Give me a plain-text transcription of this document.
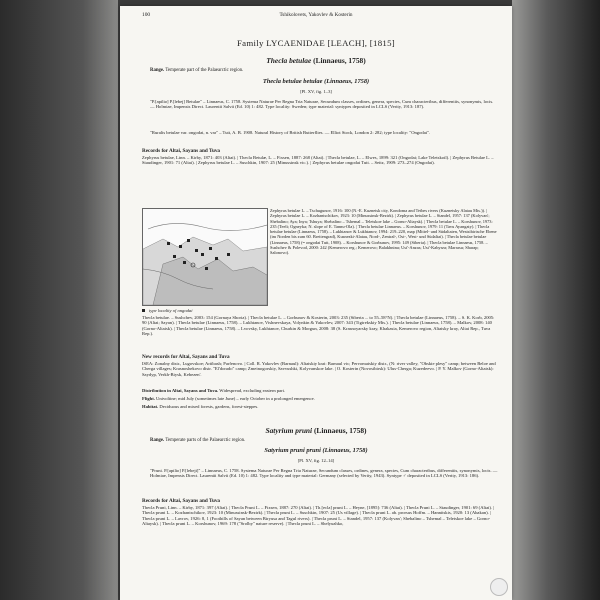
100	Tshikolovets, Yakovlev & Kosterin
Family LYCAENIDAE [LEACH], [1815]
Thecla betulae (Linnaeus, 1758)
Range. Temperate part of the Palaearctic region.
Thecla betulae betulae (Linnaeus, 1758)
[Pl. XV, fig. 1–3]
"P.[apilio] P.[lebej] Betulae" – Linnaeus, C. 1758. Systema Naturae Per Regna Tria Naturae, Secundum classes, ordines, genera, species, Cum characteribus, differentiis, synonymis, locis. — Holmiae, Impensis Direct. Laurentii Salvii (Ed. 10) 1: 482. Type locality: Sweden; type material: syntypes deposited in LCLS (Verity, 1913: 187).
"Ruralis betulae var. ongodai, n. var" – Tutt, A. B. 1908. Natural History of British Butterflies. — Elliot Stock, London 2: 282; type locality: "Ongodai".
Records for Altai, Sayans and Tuva
Zephyrus betulae, Linn. – Kirby, 1871: 403 (Altai). | Thecla Betulæ, L. – Fixsen, 1887: 268 (Altai). | Thecla betulae, L. – Elwes, 1899: 321 (Ongodai; Lake Teletskoil). | Zephyrus Betulae L. – Staudinger, 1901: 71 (Altai). | Zephyrus betulae L. – Suschkin, 1907: 25 (Minussinsk vic.). | Zephyrus betulae ongodai Tutt. – Seitz, 1909: 273–274 (Ongodai).
type locality of ongodai
Zephyrus betulae L. – Tschugunov, 1916: 100 (N.-E. Kuznetsk city, Kondoma and Tetbes rivers (Kuznetsky Alatau Mts.)). | Zephyrus betulae L. – Kozhantschikov, 1923: 10 (Minussinsk-Bezirk). | Zephyrus betulae L. – Standel, 1957: 137 (Kolyvan'; Shebalino; Aya; Inya; Tshuya; Shebalino – Tshemal – Teletskoe lake – Gorno-Altaysk). | Thecla betulae L. – Korshunov, 1973: 235 (Teeli; Ogneyka; N. slope of E. Tannu-Ola). | Thecla betulae Linnaeus. – Korshunov, 1979: 11 (Tavu Ayangaty). | Thecla betulae betulae (Linnaeus, 1758). – Lukhtanov & Lukhtanov, 1994: 219–220, map (Mittel- und Südaltaien, Westsibirische Ebene (im Norden bis zum 60. Breitengrad), Kusnezki-Alatau, Nord-, Zentral-, Ost-, West- und Südaltai). | Thecla betulae betulae (Linnaeus, 1758) (= ongodai Tutt, 1908). – Korshunov & Gorbunov, 1995: 149 (Siberia). | Thecla betulae Linnaeus, 1758. – Sushchev & Polevod, 2000: 242 (Kemerovo reg.; Kemerovo; Balakhnina; Ust'-Anzas; Ust'-Kabyrza; Marrasu; Sharap; Salonovo).
Thecla betulae. – Sushchev, 2003: 154 (Gornaya Shoria). | Thecla betulae L. – Gorbunov & Kosterin, 2003: 235 (Siberia ... to 55–58°N). | Thecla betulae (Linnaeus, 1758). – S. K. Korb, 2005: 90 (Altai; Sayan). | Thecla betulae (Linnaeus, 1758). – Lukhtanov, Vishnevskaya, Volynkin & Yakovlev, 2007: 343 (Tigirekskiy Mts.). | Thecla betulae (Linnaeus, 1758). – Malkov, 2008: 140 (Gorno-Altaisk). | Thecla betulae (Linnaeus, 1758). – Lvovsky, Lukhtanov, Churkin & Morgun, 2008: 38 (S. Krasnoyarsky kray, Khakasia, Kemerovo region, Altaisky kray, Altai Rep., Tuva Rep.).
New records for Altai, Sayans and Tuva
ISEA: Zonalny distr., Lugovskoe; Artibash; Parfenovo. | Coll. R. Yakovlev (Barnaul): Altaiskiy krai: Barnaul vic; Pervomaiskiy distr., (N: river valley, "Obskie plesy" camp; between Beloe and Cherga villages; Krasnoshekovo distr. "El'dorado" camp; Zmeinogorskiy, Savvushki, Kolyvanskoe lake. | O. Kosterin (Novosibirsk): Ulus-Cherga; Kuzedeevo. | P. Y. Malkov (Gorno-Altaisk): Saydyp, Verkh-Biysk, Kebezen'.
Distribution in Altai, Sayans and Tuva. Widespread, excluding eastern part.
Flight. Univoltine; mid July (sometimes late June) – early October in a prolonged emergence.
Habitat. Deciduous and mixed forests, gardens, forest-steppes.
Satyrium pruni (Linnaeus, 1758)
Range. Temperate parts of the Palaearctic region.
Satyrium pruni pruni (Linnaeus, 1758)
[Pl. XV, fig. 12–14]
"Pruni. P.[apilio] P.[lebeji]" – Linnaeus, C. 1758. Systema Naturae Per Regna Tria Naturae, Secundum classes, ordines, genera, species, Cum characteribus, differentiis, synonymis, locis. — Holmiae, Impensis Direct. Laurentii Salvii (Ed. 10) 1: 482. Type locality and type material: Germany (selected by Verity, 1943). Syntype ♂ deposited in LCLS (Verity, 1913: 186).
Records for Altai, Sayans and Tuva
Thecla Pruni, Linn. – Kirby, 1871: 397 (Altai). | Thecla Pruni L. – Fixsen, 1887: 270 (Altai). | Th.[ecla] pruni L. – Heyne, [1895]: 736 (Altai). | Thecla Pruni L. – Staudinger, 1901: 69 (Altai). | Thecla pruni L. – Kozhantschikov, 1923: 10 (Minussinsk-Bezirk). | Thecla pruni L. – Suschkin, 1907: 25 (Us village). | Thecla pruni L. ab. prorsus Hoffm. – Hannitskis, 1920: 13 (Abakan). | Thecla pruni L. – Lavrov, 1926: 8, 1 (Foothills of Sayan between Biryusa and Tagul rivers). | Thecla pruni L. – Standel, 1957: 137 (Kolyvan'; Shebalino – Tshemal – Teletskoe lake – Gorno-Altaysk). | Thecla pruni L. – Korshunov, 1969: 178 ("Srolby" nature reserve). | Thecla pruni L. – Shelyuzhko,
